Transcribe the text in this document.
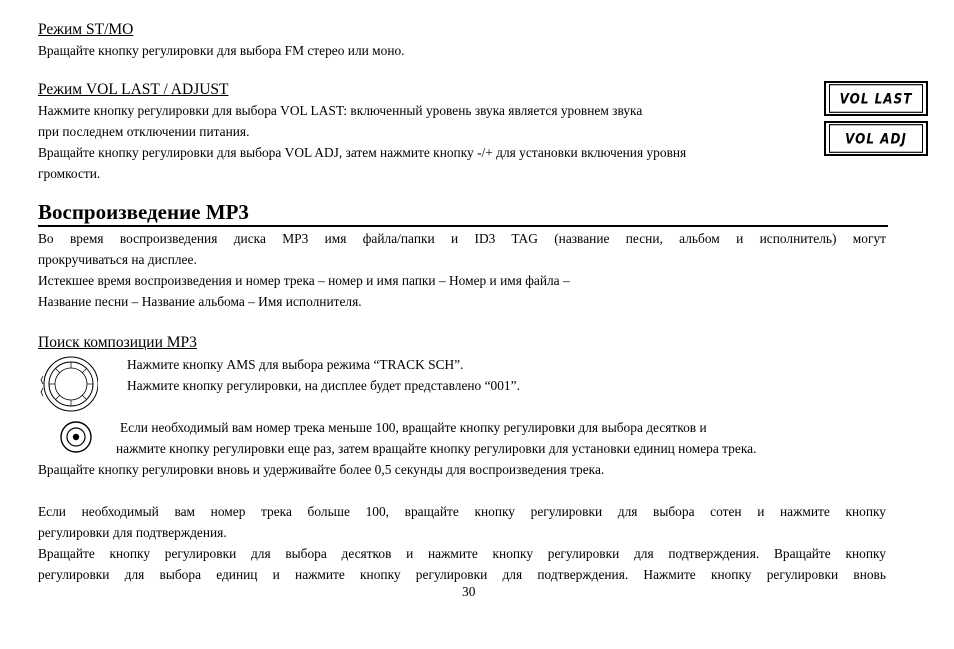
Режим ST/MO
Вращайте кнопку регулировки для выбора FM стерео или моно.
Режим VOL LAST / ADJUST
Нажмите кнопку регулировки для выбора VOL LAST: включенный уровень звука является уровнем звука
при последнем отключении питания.
Вращайте кнопку регулировки для выбора VOL ADJ, затем нажмите кнопку -/+ для установки включения уровня
громкости.
VOL LAST
VOL ADJ
Воспроизведение MP3
Во время воспроизведения диска MP3 имя файла/папки и ID3 TAG (название песни, альбом и исполнитель) могут
прокручиваться на дисплее.
Истекшее время воспроизведения и номер трека – номер и имя папки – Номер и имя файла –
Название песни – Название альбома – Имя исполнителя.
Поиск композиции MP3
Нажмите кнопку AMS для выбора режима “TRACK SCH”.
Нажмите кнопку регулировки, на дисплее будет представлено “001”.
Если необходимый вам номер трека меньше 100, вращайте кнопку регулировки для выбора десятков и
нажмите кнопку регулировки еще раз, затем вращайте кнопку регулировки для установки единиц номера трека.
Вращайте кнопку регулировки вновь и удерживайте более 0,5 секунды для воспроизведения трека.
Если необходимый вам номер трека больше 100, вращайте кнопку регулировки для выбора сотен и нажмите кнопку
регулировки для подтверждения.
Вращайте кнопку регулировки для выбора десятков и нажмите кнопку регулировки для подтверждения. Вращайте кнопку
регулировки для выбора единиц и нажмите кнопку регулировки для подтверждения. Нажмите кнопку регулировки вновь
30
